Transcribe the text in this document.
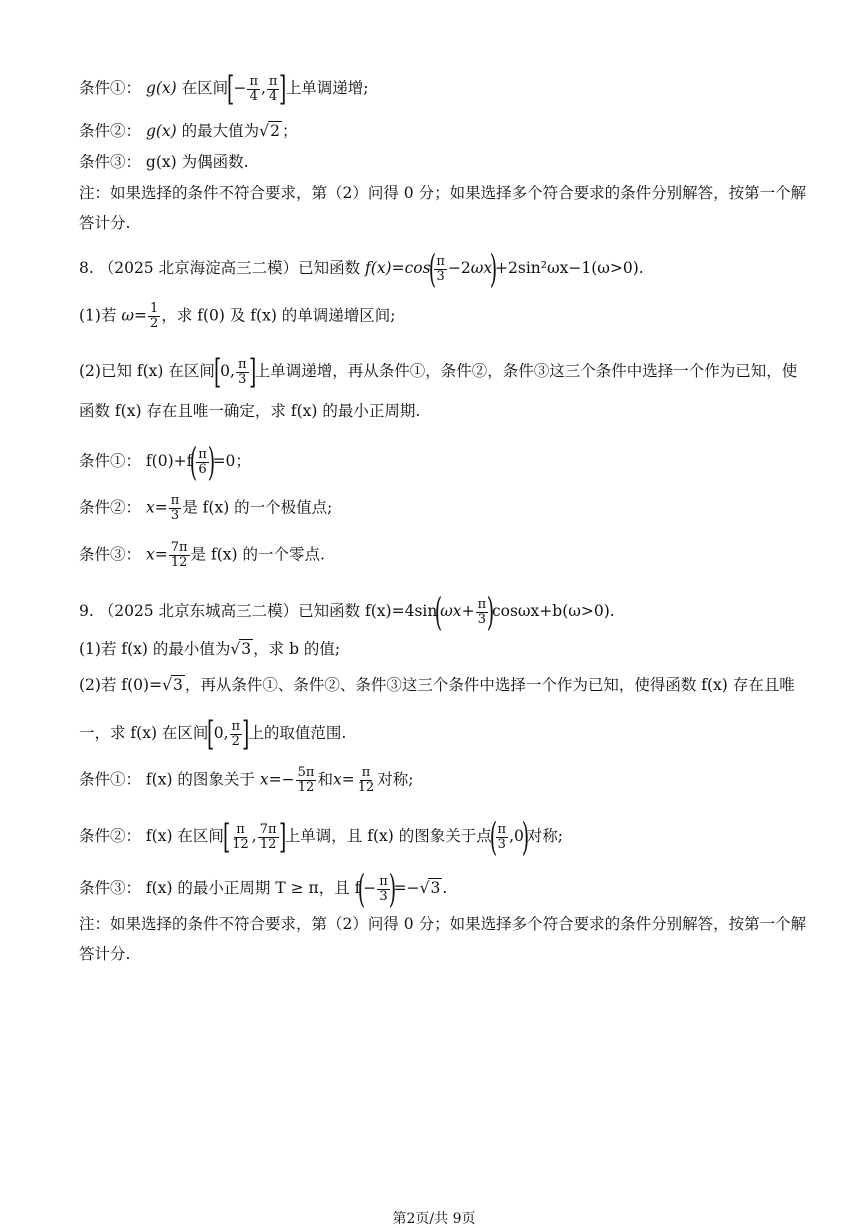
条件①： g(x) 在区间[− $\frac{\pi}{4}$ , $\frac{\pi}{4}$ ]上单调递增;
条件②： g(x) 的最大值为√2 ；
条件③： g(x) 为偶函数.
注：如果选择的条件不符合要求，第（2）问得 0 分；如果选择多个符合要求的条件分别解答，按第一个解
答计分.
8. （2025 北京海淀高三二模）已知函数 f(x)=cos(
$\frac{\pi}{3} -2\omega x)+2\sin^2\omega x-1(\omega>0)$.
(1)若 $\omega= \frac{1}{2}$ ，求 f(0) 及 f(x) 的单调递增区间;
(2)已知 f(x) 在区间[0, $\frac{\pi}{3}$ ]上单调递增，再从条件①，条件②，条件③这三个条件中选择一个作为已知，使
函数 f(x) 存在且唯一确定，求 f(x) 的最小正周期.
条件①： f(0)+f(
$\frac{\pi}{6}$
)=0；
条件②： $x= \frac{\pi}{3}$ 是 f(x) 的一个极值点;
条件③： $x= \frac{7\pi}{12}$ 是 f(x) 的一个零点.
9. （2025 北京东城高三二模）已知函数 $f(x)=4\sin(\omega x+ \frac{\pi}{3}$
)cosωx+b(ω>0).
(1)若 f(x) 的最小值为√3 ，求 b 的值;
(2)若 f(0)=√3 ，再从条件①、条件②、条件③这三个条件中选择一个作为已知，使得函数 f(x) 存在且唯
一，求 f(x) 在区间[0, $\frac{\pi}{2}$ ]上的取值范围.
条件①： f(x) 的图象关于 $x=- \frac{5\pi}{12}$ 和$x= \frac{\pi}{12}$ 对称;
条件②： f(x) 在区间[ $\frac{\pi}{12}$ , $\frac{7\pi}{12}$ ]上单调，且 f(x) 的图象关于点(
$\frac{\pi}{3} ,0$)对称;
条件③： f(x) 的最小正周期 T ≥ π，且 $f(- \frac{\pi}{3}$
)=−√3 .
注：如果选择的条件不符合要求，第（2）问得 0 分；如果选择多个符合要求的条件分别解答，按第一个解
答计分.
第2页/共 9页
